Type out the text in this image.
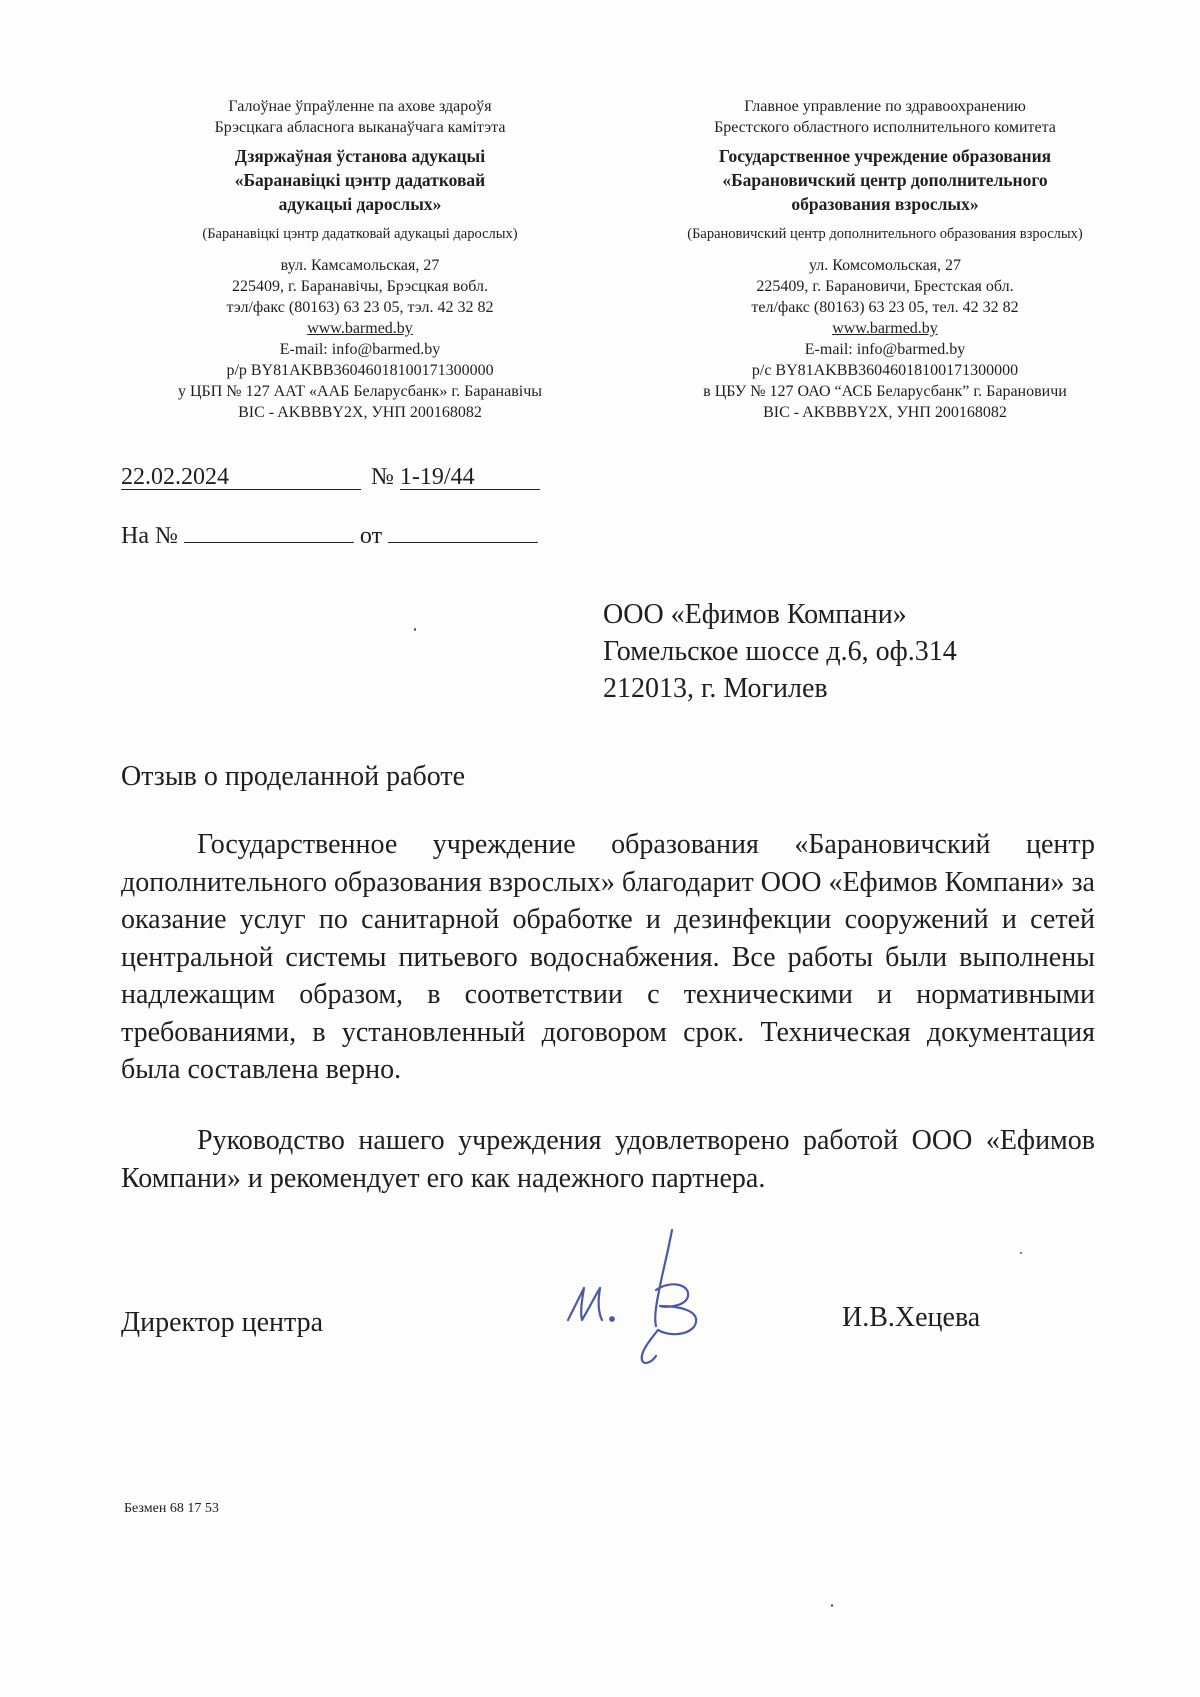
Галоўнае ўпраўленне па ахове здароўя
Брэсцкага абласнога выканаўчага камітэта
Дзяржаўная ўстанова адукацыі
«Баранавіцкі цэнтр дадатковай
адукацыі дарослых»
(Баранавіцкі цэнтр дадатковай адукацыі дарослых)
вул. Камсамольская, 27
225409, г. Баранавічы, Брэсцкая вобл.
тэл/факс (80163) 63 23 05, тэл. 42 32 82
www.barmed.by
E-mail: info@barmed.by
р/р BY81AKBB36046018100171300000
у ЦБП № 127 ААТ «ААБ Беларусбанк» г. Баранавічы
BIC - AKBBBY2X, УНП 200168082
Главное управление по здравоохранению
Брестского областного исполнительного комитета
Государственное учреждение образования
«Барановичский центр дополнительного
образования взрослых»
(Барановичский центр дополнительного образования взрослых)
ул. Комсомольская, 27
225409, г. Барановичи, Брестская обл.
тел/факс (80163) 63 23 05, тел. 42 32 82
www.barmed.by
E-mail: info@barmed.by
р/с BY81AKBB36046018100171300000
в ЦБУ № 127 ОАО “АСБ Беларусбанк” г. Барановичи
BIC - AKBBBY2X, УНП 200168082
22.02.2024	№ 1-19/44
На №	от
ООО «Ефимов Компани»
Гомельское шоссе д.6, оф.314
212013, г. Могилев
Отзыв о проделанной работе

Государственное учреждение образования «Барановичский центр дополнительного образования взрослых» благодарит ООО «Ефимов Компани» за оказание услуг по санитарной обработке и дезинфекции сооружений и сетей центральной системы питьевого водоснабжения. Все работы были выполнены надлежащим образом, в соответствии с техническими и нормативными требованиями, в установленный договором срок. Техническая документация была составлена верно.

Руководство нашего учреждения удовлетворено работой ООО «Ефимов Компани» и рекомендует его как надежного партнера.

Директор центра	И.В.Хецева
Безмен 68 17 53
